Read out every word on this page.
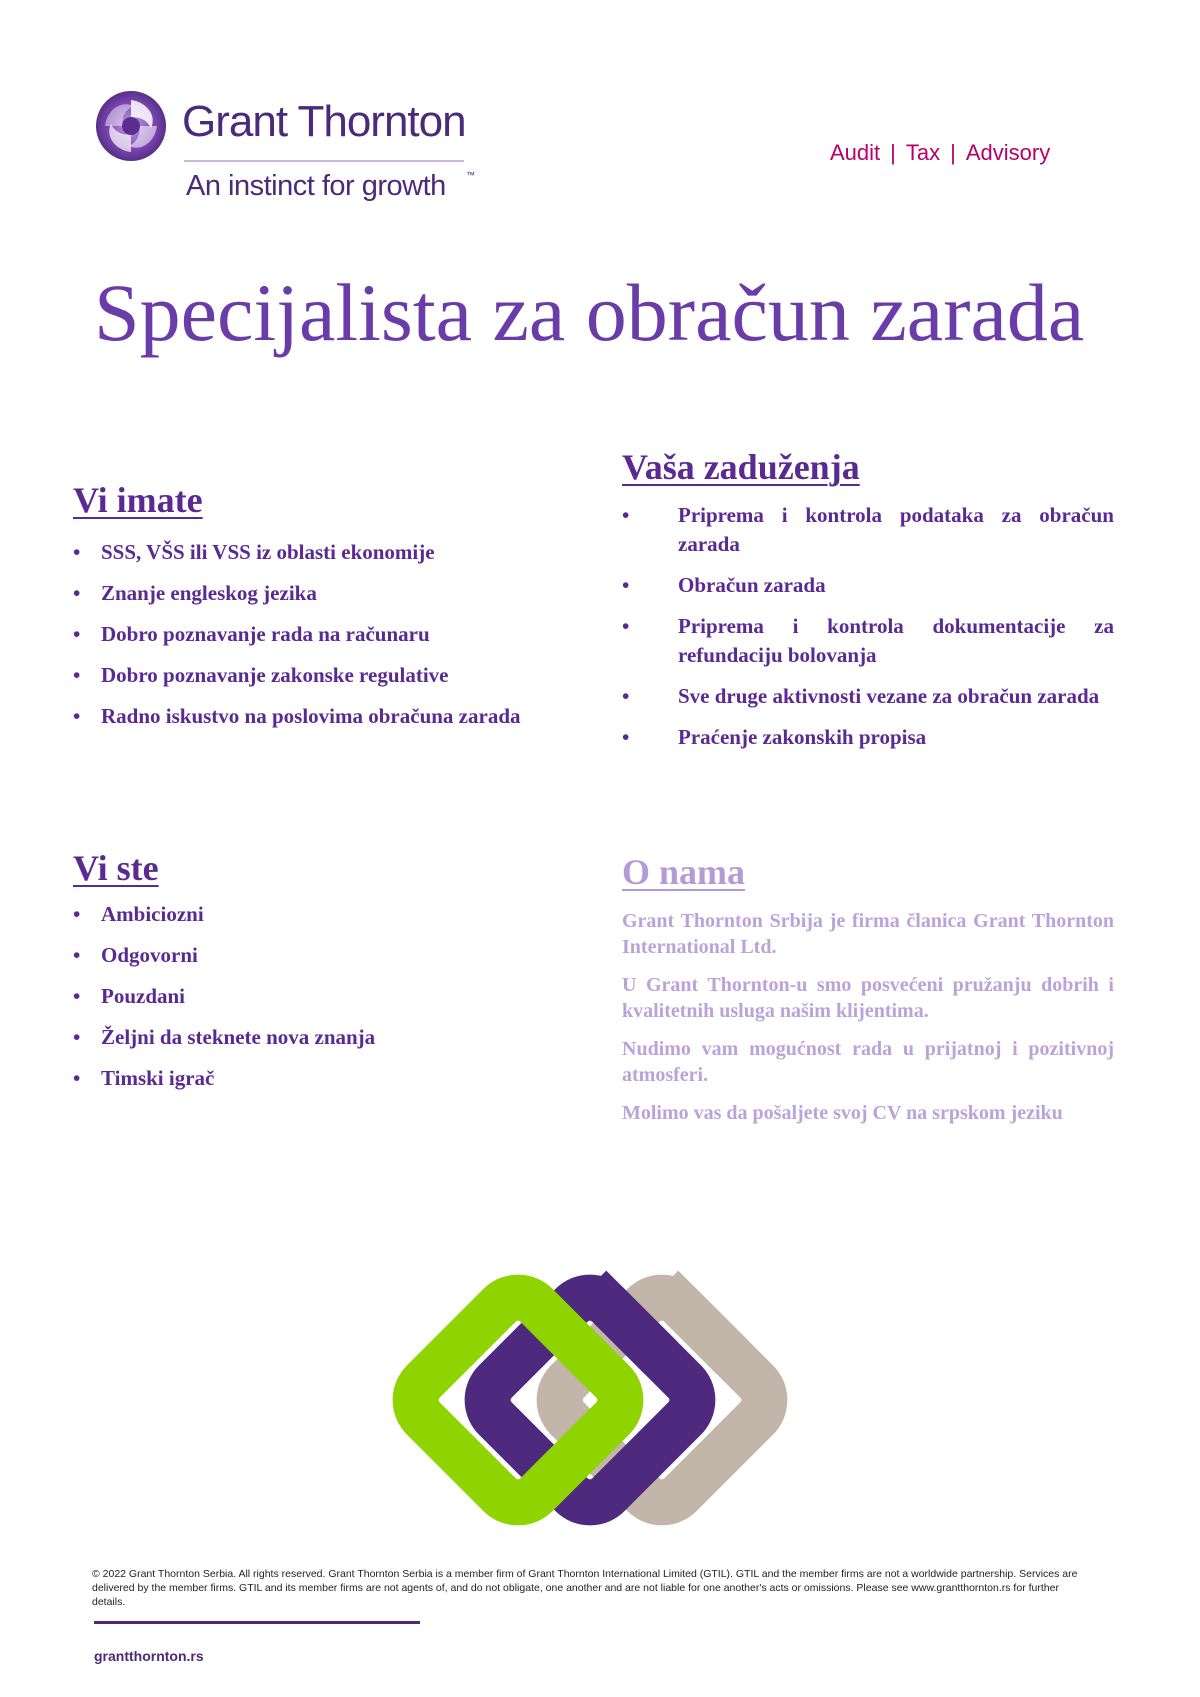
Grant Thornton
An instinct for growth ™
Audit | Tax | Advisory
Specijalista za obračun zarada
Vi imate
• SSS, VŠS ili VSS iz oblasti ekonomije
• Znanje engleskog jezika
• Dobro poznavanje rada na računaru
• Dobro poznavanje zakonske regulative
• Radno iskustvo na poslovima obračuna zarada
Vaša zaduženja
• Priprema i kontrola podataka za obračun zarada
• Obračun zarada
• Priprema i kontrola dokumentacije za refundaciju bolovanja
• Sve druge aktivnosti vezane za obračun zarada
• Praćenje zakonskih propisa
Vi ste
• Ambiciozni
• Odgovorni
• Pouzdani
• Željni da steknete nova znanja
• Timski igrač
O nama

Grant Thornton Srbija je firma članica Grant Thornton International Ltd.

U Grant Thornton-u smo posvećeni pružanju dobrih i kvalitetnih usluga našim klijentima.

Nudimo vam mogućnost rada u prijatnoj i pozitivnoj atmosferi.

Molimo vas da pošaljete svoj CV na srpskom jeziku

© 2022 Grant Thornton Serbia. All rights reserved. Grant Thornton Serbia is a member firm of Grant Thornton International Limited (GTIL). GTIL and the member firms are not a worldwide partnership. Services are delivered by the member firms. GTIL and its member firms are not agents of, and do not obligate, one another and are not liable for one another's acts or omissions. Please see www.grantthornton.rs for further details.
grantthornton.rs
